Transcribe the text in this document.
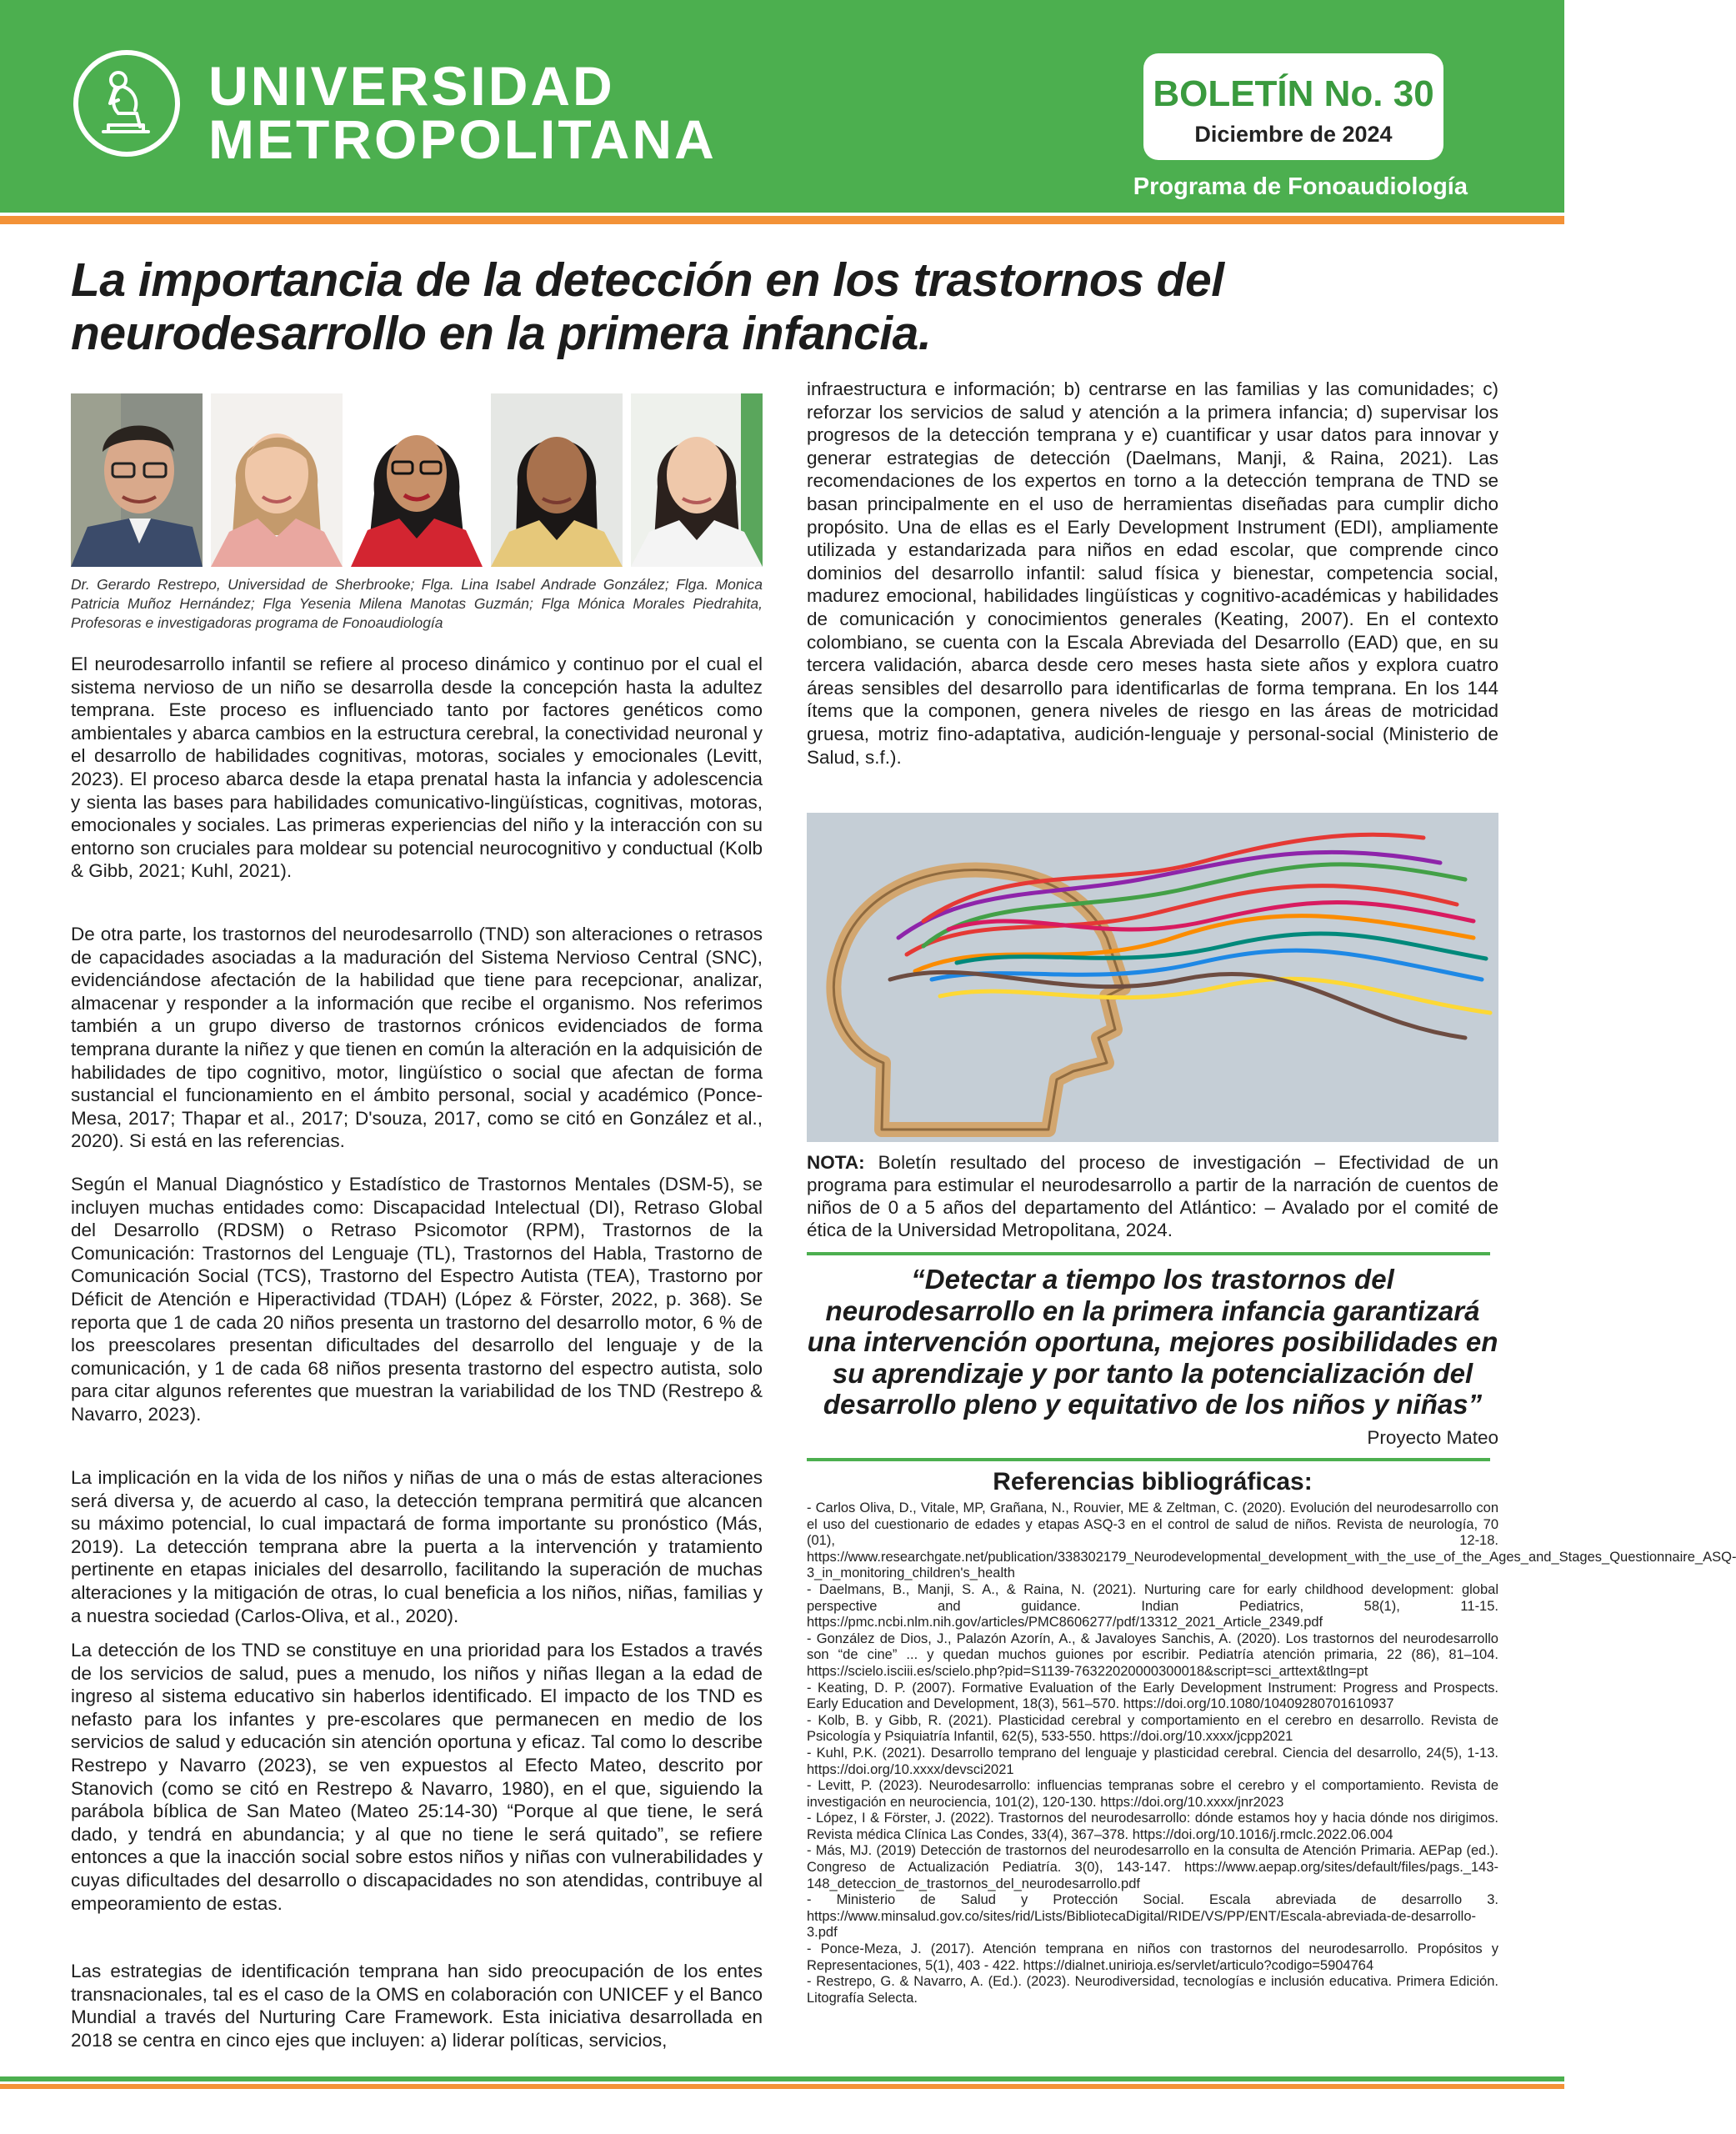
UNIVERSIDAD
METROPOLITANA
BOLETÍN No. 30
Diciembre de 2024
Programa de Fonoaudiología
La importancia de la detección en los trastornos del neurodesarrollo en la primera infancia.

Dr. Gerardo Restrepo, Universidad de Sherbrooke; Flga. Lina Isabel Andrade González; Flga. Monica Patricia Muñoz Hernández; Flga Yesenia Milena Manotas Guzmán; Flga Mónica Morales Piedrahita, Profesoras e investigadoras programa de Fonoaudiología

El neurodesarrollo infantil se refiere al proceso dinámico y continuo por el cual el sistema nervioso de un niño se desarrolla desde la concepción hasta la adultez temprana. Este proceso es influenciado tanto por factores genéticos como ambientales y abarca cambios en la estructura cerebral, la conectividad neuronal y el desarrollo de habilidades cognitivas, motoras, sociales y emocionales (Levitt, 2023). El proceso abarca desde la etapa prenatal hasta la infancia y adolescencia y sienta las bases para habilidades comunicativo-lingüísticas, cognitivas, motoras, emocionales y sociales. Las primeras experiencias del niño y la interacción con su entorno son cruciales para moldear su potencial neurocognitivo y conductual (Kolb & Gibb, 2021; Kuhl, 2021).

De otra parte, los trastornos del neurodesarrollo (TND) son alteraciones o retrasos de capacidades asociadas a la maduración del Sistema Nervioso Central (SNC), evidenciándose afectación de la habilidad que tiene para recepcionar, analizar, almacenar y responder a la información que recibe el organismo. Nos referimos también a un grupo diverso de trastornos crónicos evidenciados de forma temprana durante la niñez y que tienen en común la alteración en la adquisición de habilidades de tipo cognitivo, motor, lingüístico o social que afectan de forma sustancial el funcionamiento en el ámbito personal, social y académico (Ponce-Mesa, 2017; Thapar et al., 2017; D'souza, 2017, como se citó en González et al., 2020). Si está en las referencias.

Según el Manual Diagnóstico y Estadístico de Trastornos Mentales (DSM-5), se incluyen muchas entidades como: Discapacidad Intelectual (DI), Retraso Global del Desarrollo (RDSM) o Retraso Psicomotor (RPM), Trastornos de la Comunicación: Trastornos del Lenguaje (TL), Trastornos del Habla, Trastorno de Comunicación Social (TCS), Trastorno del Espectro Autista (TEA), Trastorno por Déficit de Atención e Hiperactividad (TDAH) (López & Förster, 2022, p. 368). Se reporta que 1 de cada 20 niños presenta un trastorno del desarrollo motor, 6 % de los preescolares presentan dificultades del desarrollo del lenguaje y de la comunicación, y 1 de cada 68 niños presenta trastorno del espectro autista, solo para citar algunos referentes que muestran la variabilidad de los TND (Restrepo & Navarro, 2023).

La implicación en la vida de los niños y niñas de una o más de estas alteraciones será diversa y, de acuerdo al caso, la detección temprana permitirá que alcancen su máximo potencial, lo cual impactará de forma importante su pronóstico (Más, 2019). La detección temprana abre la puerta a la intervención y tratamiento pertinente en etapas iniciales del desarrollo, facilitando la superación de muchas alteraciones y la mitigación de otras, lo cual beneficia a los niños, niñas, familias y a nuestra sociedad (Carlos-Oliva, et al., 2020).

La detección de los TND se constituye en una prioridad para los Estados a través de los servicios de salud, pues a menudo, los niños y niñas llegan a la edad de ingreso al sistema educativo sin haberlos identificado. El impacto de los TND es nefasto para los infantes y pre-escolares que permanecen en medio de los servicios de salud y educación sin atención oportuna y eficaz. Tal como lo describe Restrepo y Navarro (2023), se ven expuestos al Efecto Mateo, descrito por Stanovich (como se citó en Restrepo & Navarro, 1980), en el que, siguiendo la parábola bíblica de San Mateo (Mateo 25:14-30) “Porque al que tiene, le será dado, y tendrá en abundancia; y al que no tiene le será quitado”, se refiere entonces a que la inacción social sobre estos niños y niñas con vulnerabilidades y cuyas dificultades del desarrollo o discapacidades no son atendidas, contribuye al empeoramiento de estas.

Las estrategias de identificación temprana han sido preocupación de los entes transnacionales, tal es el caso de la OMS en colaboración con UNICEF y el Banco Mundial a través del Nurturing Care Framework. Esta iniciativa desarrollada en 2018 se centra en cinco ejes que incluyen: a) liderar políticas, servicios,

infraestructura e información; b) centrarse en las familias y las comunidades; c) reforzar los servicios de salud y atención a la primera infancia; d) supervisar los progresos de la detección temprana y e) cuantificar y usar datos para innovar y generar estrategias de detección (Daelmans, Manji, & Raina, 2021). Las recomendaciones de los expertos en torno a la detección temprana de TND se basan principalmente en el uso de herramientas diseñadas para cumplir dicho propósito. Una de ellas es el Early Development Instrument (EDI), ampliamente utilizada y estandarizada para niños en edad escolar, que comprende cinco dominios del desarrollo infantil: salud física y bienestar, competencia social, madurez emocional, habilidades lingüísticas y cognitivo-académicas y habilidades de comunicación y conocimientos generales (Keating, 2007). En el contexto colombiano, se cuenta con la Escala Abreviada del Desarrollo (EAD) que, en su tercera validación, abarca desde cero meses hasta siete años y explora cuatro áreas sensibles del desarrollo para identificarlas de forma temprana. En los 144 ítems que la componen, genera niveles de riesgo en las áreas de motricidad gruesa, motriz fino-adaptativa, audición-lenguaje y personal-social (Ministerio de Salud, s.f.).

NOTA: Boletín resultado del proceso de investigación – Efectividad de un programa para estimular el neurodesarrollo a partir de la narración de cuentos de niños de 0 a 5 años del departamento del Atlántico: – Avalado por el comité de ética de la Universidad Metropolitana, 2024.

“Detectar a tiempo los trastornos del neurodesarrollo en la primera infancia garantizará una intervención oportuna, mejores posibilidades en su aprendizaje y por tanto la potencialización del desarrollo pleno y equitativo de los niños y niñas”

Proyecto Mateo
Referencias bibliográficas:
- Carlos Oliva, D., Vitale, MP, Grañana, N., Rouvier, ME & Zeltman, C. (2020). Evolución del neurodesarrollo con el uso del cuestionario de edades y etapas ASQ-3 en el control de salud de niños. Revista de neurología, 70 (01), 12-18. https://www.researchgate.net/publication/338302179_Neurodevelopmental_development_with_the_use_of_the_Ages_and_Stages_Questionnaire_ASQ-3_in_monitoring_children's_health
- Daelmans, B., Manji, S. A., & Raina, N. (2021). Nurturing care for early childhood development: global perspective and guidance. Indian Pediatrics, 58(1), 11-15. https://pmc.ncbi.nlm.nih.gov/articles/PMC8606277/pdf/13312_2021_Article_2349.pdf
- González de Dios, J., Palazón Azorín, A., & Javaloyes Sanchis, A. (2020). Los trastornos del neurodesarrollo son “de cine” ... y quedan muchos guiones por escribir. Pediatría atención primaria, 22 (86), 81–104. https://scielo.isciii.es/scielo.php?pid=S1139-76322020000300018&script=sci_arttext&tlng=pt
- Keating, D. P. (2007). Formative Evaluation of the Early Development Instrument: Progress and Prospects. Early Education and Development, 18(3), 561–570. https://doi.org/10.1080/10409280701610937
- Kolb, B. y Gibb, R. (2021). Plasticidad cerebral y comportamiento en el cerebro en desarrollo. Revista de Psicología y Psiquiatría Infantil, 62(5), 533-550. https://doi.org/10.xxxx/jcpp2021
- Kuhl, P.K. (2021). Desarrollo temprano del lenguaje y plasticidad cerebral. Ciencia del desarrollo, 24(5), 1-13. https://doi.org/10.xxxx/devsci2021
- Levitt, P. (2023). Neurodesarrollo: influencias tempranas sobre el cerebro y el comportamiento. Revista de investigación en neurociencia, 101(2), 120-130. https://doi.org/10.xxxx/jnr2023
- López, I & Förster, J. (2022). Trastornos del neurodesarrollo: dónde estamos hoy y hacia dónde nos dirigimos. Revista médica Clínica Las Condes, 33(4), 367–378. https://doi.org/10.1016/j.rmclc.2022.06.004
- Más, MJ. (2019) Detección de trastornos del neurodesarrollo en la consulta de Atención Primaria. AEPap (ed.). Congreso de Actualización Pediatría. 3(0), 143-147. https://www.aepap.org/sites/default/files/pags._143-148_deteccion_de_trastornos_del_neurodesarrollo.pdf
- Ministerio de Salud y Protección Social. Escala abreviada de desarrollo 3. https://www.minsalud.gov.co/sites/rid/Lists/BibliotecaDigital/RIDE/VS/PP/ENT/Escala-abreviada-de-desarrollo-3.pdf
- Ponce-Meza, J. (2017). Atención temprana en niños con trastornos del neurodesarrollo. Propósitos y Representaciones, 5(1), 403 - 422. https://dialnet.unirioja.es/servlet/articulo?codigo=5904764
- Restrepo, G. & Navarro, A. (Ed.). (2023). Neurodiversidad, tecnologías e inclusión educativa. Primera Edición. Litografía Selecta.
